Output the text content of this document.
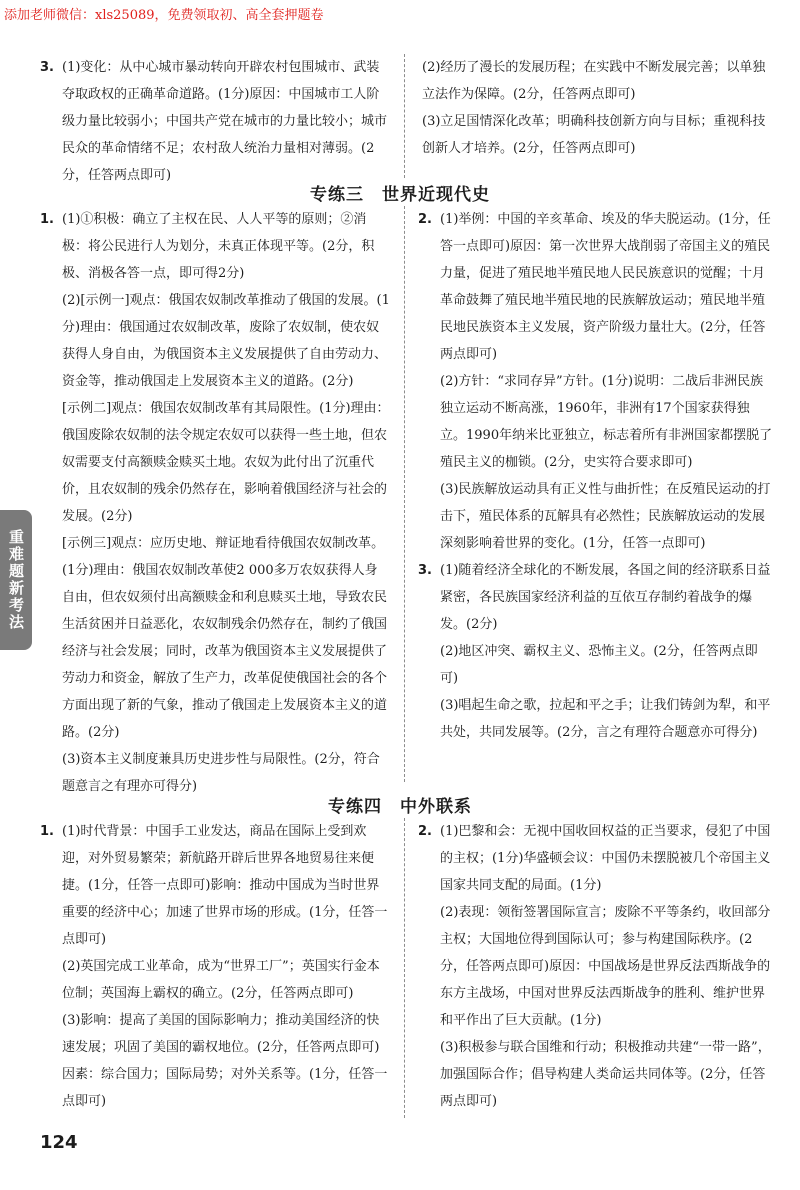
添加老师微信：xls25089，免费领取初、高全套押题卷
3. (1)变化：从中心城市暴动转向开辟农村包围城市、武装夺取政权的正确革命道路。(1分)原因：中国城市工人阶级力量比较弱小；中国共产党在城市的力量比较小；城市民众的革命情绪不足；农村敌人统治力量相对薄弱。(2分，任答两点即可)

(2)经历了漫长的发展历程；在实践中不断发展完善；以单独立法作为保障。(2分，任答两点即可)

(3)立足国情深化改革；明确科技创新方向与目标；重视科技创新人才培养。(2分，任答两点即可)

专练三　世界近现代史
1. (1)①积极：确立了主权在民、人人平等的原则；②消极：将公民进行人为划分，未真正体现平等。(2分，积极、消极各答一点，即可得2分)

(2)[示例一]观点：俄国农奴制改革推动了俄国的发展。(1分)理由：俄国通过农奴制改革，废除了农奴制，使农奴获得人身自由，为俄国资本主义发展提供了自由劳动力、资金等，推动俄国走上发展资本主义的道路。(2分)

[示例二]观点：俄国农奴制改革有其局限性。(1分)理由：俄国废除农奴制的法令规定农奴可以获得一些土地，但农奴需要支付高额赎金赎买土地。农奴为此付出了沉重代价，且农奴制的残余仍然存在，影响着俄国经济与社会的发展。(2分)

[示例三]观点：应历史地、辩证地看待俄国农奴制改革。(1分)理由：俄国农奴制改革使2 000多万农奴获得人身自由，但农奴须付出高额赎金和利息赎买土地，导致农民生活贫困并日益恶化，农奴制残余仍然存在，制约了俄国经济与社会发展；同时，改革为俄国资本主义发展提供了劳动力和资金，解放了生产力，改革促使俄国社会的各个方面出现了新的气象，推动了俄国走上发展资本主义的道路。(2分)

(3)资本主义制度兼具历史进步性与局限性。(2分，符合题意言之有理亦可得分)

2. (1)举例：中国的辛亥革命、埃及的华夫脱运动。(1分，任答一点即可)原因：第一次世界大战削弱了帝国主义的殖民力量，促进了殖民地半殖民地人民民族意识的觉醒；十月革命鼓舞了殖民地半殖民地的民族解放运动；殖民地半殖民地民族资本主义发展，资产阶级力量壮大。(2分，任答两点即可)

(2)方针：“求同存异”方针。(1分)说明：二战后非洲民族独立运动不断高涨，1960年，非洲有17个国家获得独立。1990年纳米比亚独立，标志着所有非洲国家都摆脱了殖民主义的枷锁。(2分，史实符合要求即可)

(3)民族解放运动具有正义性与曲折性；在反殖民运动的打击下，殖民体系的瓦解具有必然性；民族解放运动的发展深刻影响着世界的变化。(1分，任答一点即可)

3. (1)随着经济全球化的不断发展，各国之间的经济联系日益紧密，各民族国家经济利益的互依互存制约着战争的爆发。(2分)

(2)地区冲突、霸权主义、恐怖主义。(2分，任答两点即可)

(3)唱起生命之歌，拉起和平之手；让我们铸剑为犁，和平共处，共同发展等。(2分，言之有理符合题意亦可得分)

专练四　中外联系
1. (1)时代背景：中国手工业发达，商品在国际上受到欢迎，对外贸易繁荣；新航路开辟后世界各地贸易往来便捷。(1分，任答一点即可)影响：推动中国成为当时世界重要的经济中心；加速了世界市场的形成。(1分，任答一点即可)

(2)英国完成工业革命，成为“世界工厂”；英国实行金本位制；英国海上霸权的确立。(2分，任答两点即可)

(3)影响：提高了美国的国际影响力；推动美国经济的快速发展；巩固了美国的霸权地位。(2分，任答两点即可)因素：综合国力；国际局势；对外关系等。(1分，任答一点即可)

2. (1)巴黎和会：无视中国收回权益的正当要求，侵犯了中国的主权；(1分)华盛顿会议：中国仍未摆脱被几个帝国主义国家共同支配的局面。(1分)

(2)表现：领衔签署国际宣言；废除不平等条约，收回部分主权；大国地位得到国际认可；参与构建国际秩序。(2分，任答两点即可)原因：中国战场是世界反法西斯战争的东方主战场，中国对世界反法西斯战争的胜利、维护世界和平作出了巨大贡献。(1分)

(3)积极参与联合国维和行动；积极推动共建“一带一路”，加强国际合作；倡导构建人类命运共同体等。(2分，任答两点即可)

重难题新考法
124
